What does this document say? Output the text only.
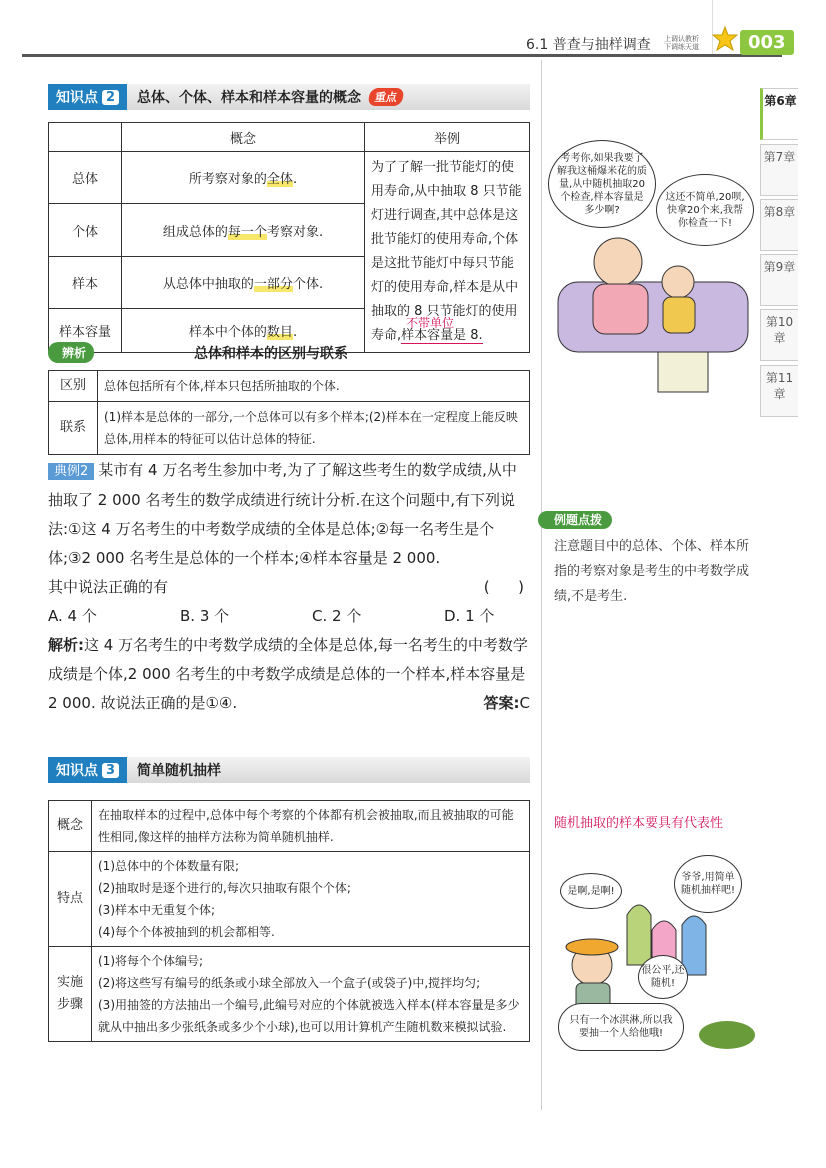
6.1 普查与抽样调查 上调认教析
下调练天道	003
第6章
第7章
第8章
第9章
第10章
第11章
知识点 2 总体、个体、样本和样本容量的概念	重点
	概念	举例
总体	所考察对象的全体.	为了了解一批节能灯的使用寿命,从中抽取 8 只节能灯进行调查,其中总体是这批节能灯的使用寿命,个体是这批节能灯中每只节能灯的使用寿命,样本是从中抽取的 8 只节能灯的使用寿命,样本容量是 8.
个体	组成总体的每一个考察对象.	
样本	从总体中抽取的一部分个体.	
样本容量	样本中个体的数目.	
不带单位
辨析	总体和样本的区别与联系
区别	总体包括所有个体,样本只包括所抽取的个体.
联系	(1)样本是总体的一部分,一个总体可以有多个样本;(2)样本在一定程度上能反映总体,用样本的特征可以估计总体的特征.
典例2 某市有 4 万名考生参加中考,为了了解这些考生的数学成绩,从中抽取了 2 000 名考生的数学成绩进行统计分析.在这个问题中,有下列说法:①这 4 万名考生的中考数学成绩的全体是总体;②每一名考生是个体;③2 000 名考生是总体的一个样本;④样本容量是 2 000.
其中说法正确的有	(      )
A. 4 个	B. 3 个	C. 2 个	D. 1 个
解析:这 4 万名考生的中考数学成绩的全体是总体,每一名考生的中考数学成绩是个体,2 000 名考生的中考数学成绩是总体的一个样本,样本容量是2 000. 故说法正确的是①④.	答案:C
例题点拨
注意题目中的总体、个体、样本所指的考察对象是考生的中考数学成绩,不是考生.
知识点 3 简单随机抽样
概念	在抽取样本的过程中,总体中每个考察的个体都有机会被抽取,而且被抽取的可能性相同,像这样的抽样方法称为简单随机抽样.

特点	(1)总体中的个体数量有限;
(2)抽取时是逐个进行的,每次只抽取有限个个体;
(3)样本中无重复个体;
(4)每个个体被抽到的机会都相等.

实施步骤	(1)将每个个体编号;
(2)将这些写有编号的纸条或小球全部放入一个盒子(或袋子)中,搅拌均匀;
(3)用抽签的方法抽出一个编号,此编号对应的个体就被选入样本(样本容量是多少就从中抽出多少张纸条或多少个小球),也可以用计算机产生随机数来模拟试验.
随机抽取的样本要具有代表性
考考你,如果我要了解我这桶爆米花的质量,从中随机抽取20个检查,样本容量是多少啊?
这还不简单,20呗,快拿20个来,我帮你检查一下!
是啊,是啊!
爷爷,用简单随机抽样吧!
很公平,还随机!
只有一个冰淇淋,所以我要抽一个人给他哦!
